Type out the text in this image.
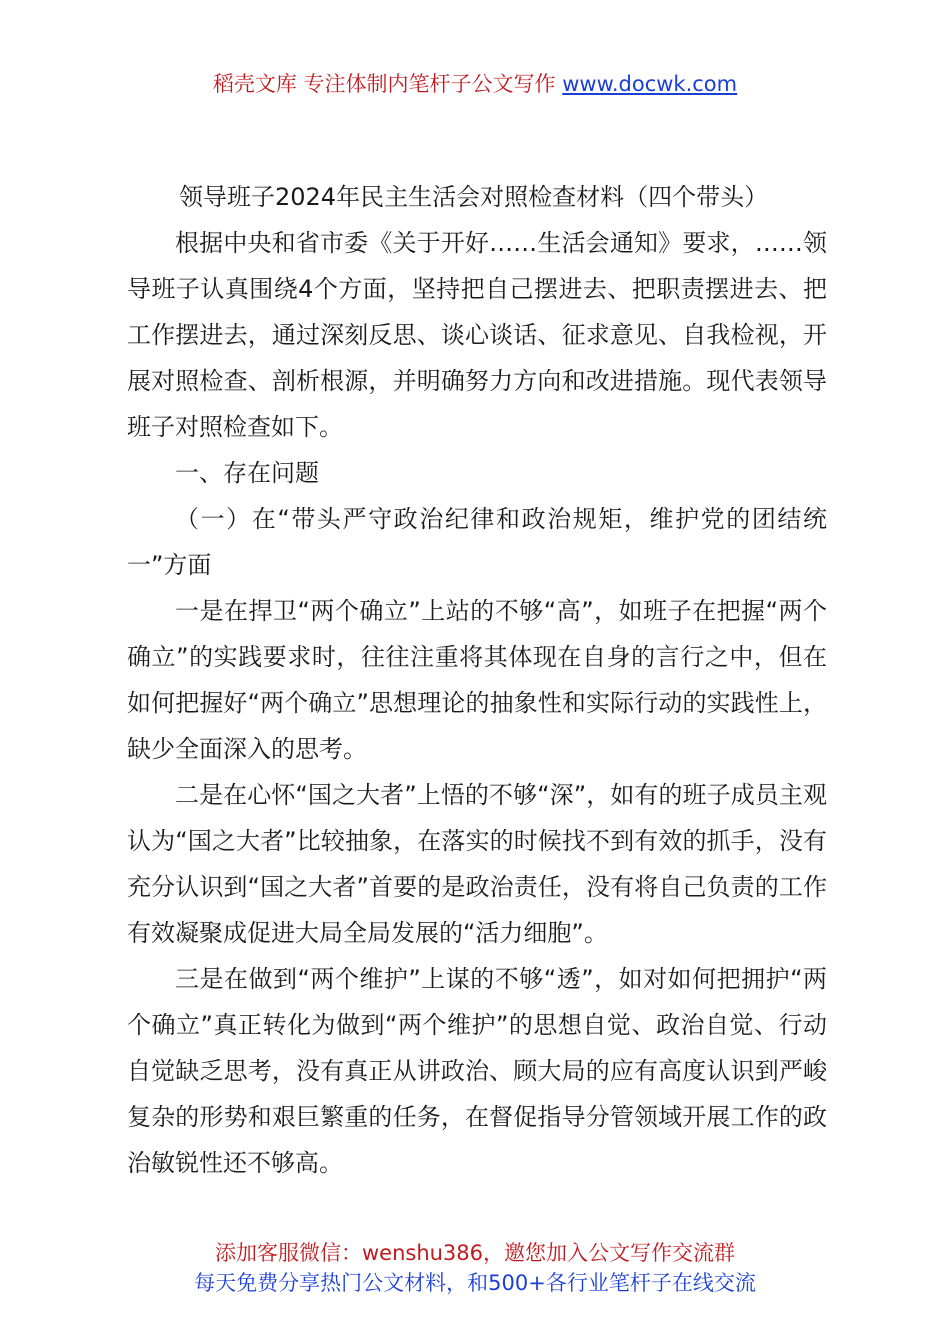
稻壳文库 专注体制内笔杆子公文写作 www.docwk.com

领导班子2024年民主生活会对照检查材料（四个带头）

根据中央和省市委《关于开好……生活会通知》要求，……领导班子认真围绕4个方面，坚持把自己摆进去、把职责摆进去、把工作摆进去，通过深刻反思、谈心谈话、征求意见、自我检视，开展对照检查、剖析根源，并明确努力方向和改进措施。现代表领导班子对照检查如下。

一、存在问题

（一）在“带头严守政治纪律和政治规矩，维护党的团结统一”方面

一是在捍卫“两个确立”上站的不够“高”，如班子在把握“两个确立”的实践要求时，往往注重将其体现在自身的言行之中，但在如何把握好“两个确立”思想理论的抽象性和实际行动的实践性上，缺少全面深入的思考。

二是在心怀“国之大者”上悟的不够“深”，如有的班子成员主观认为“国之大者”比较抽象，在落实的时候找不到有效的抓手，没有充分认识到“国之大者”首要的是政治责任，没有将自己负责的工作有效凝聚成促进大局全局发展的“活力细胞”。

三是在做到“两个维护”上谋的不够“透”，如对如何把拥护“两个确立”真正转化为做到“两个维护”的思想自觉、政治自觉、行动自觉缺乏思考，没有真正从讲政治、顾大局的应有高度认识到严峻复杂的形势和艰巨繁重的任务，在督促指导分管领域开展工作的政治敏锐性还不够高。

添加客服微信：wenshu386，邀您加入公文写作交流群
每天免费分享热门公文材料，和500+各行业笔杆子在线交流
